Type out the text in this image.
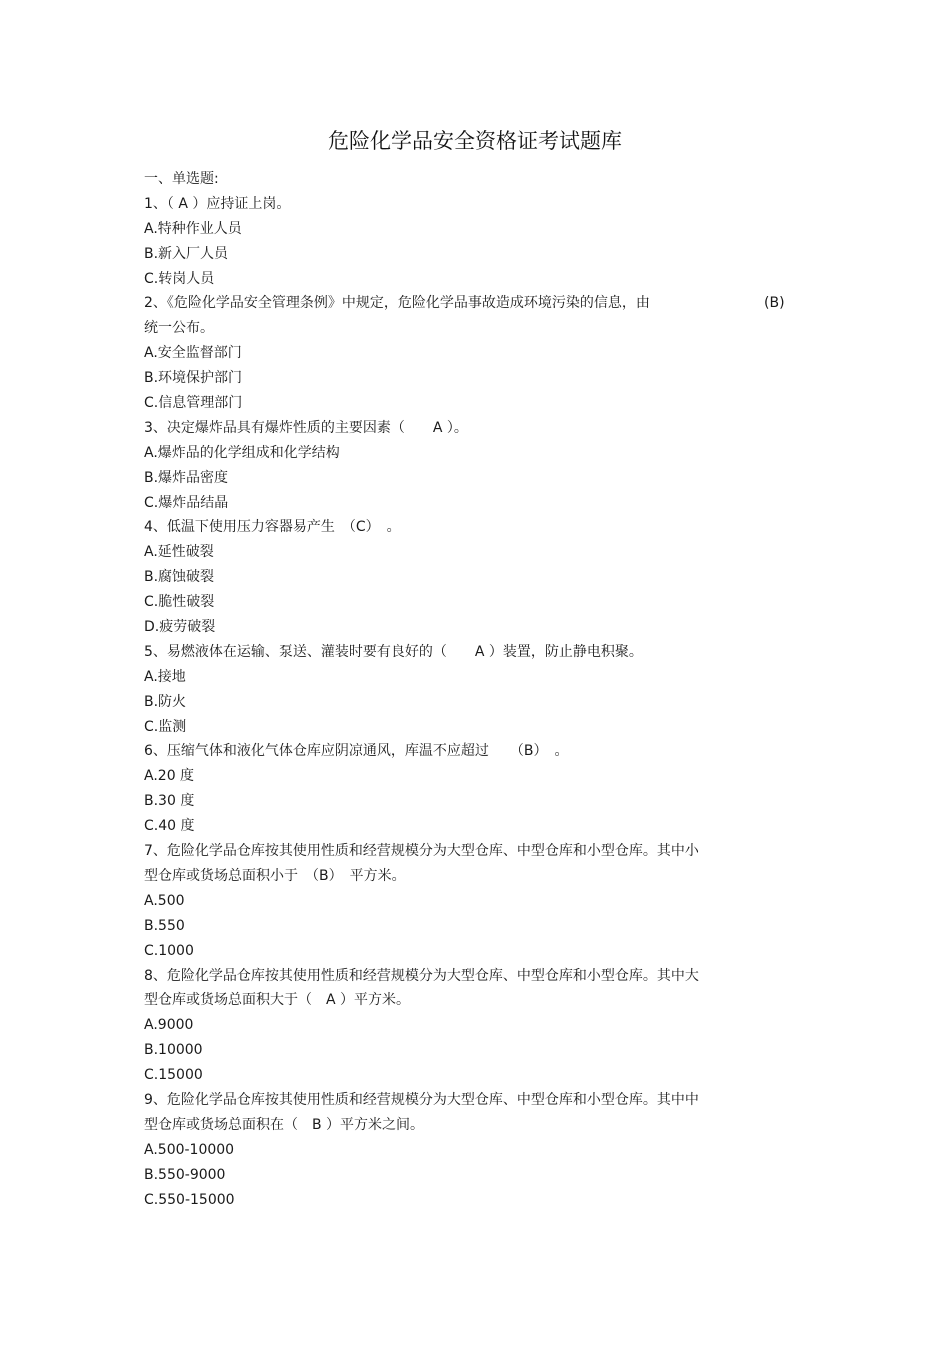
危险化学品安全资格证考试题库
一、单选题:
1、（ A ）应持证上岗。
A.特种作业人员
B.新入厂人员
C.转岗人员
2、《危险化学品安全管理条例》中规定，危险化学品事故造成环境污染的信息，由	(B)
统一公布。
A.安全监督部门
B.环境保护部门
C.信息管理部门
3、决定爆炸品具有爆炸性质的主要因素（　　A ）。
A.爆炸品的化学组成和化学结构
B.爆炸品密度
C.爆炸品结晶
4、低温下使用压力容器易产生　（C）　。
A.延性破裂
B.腐蚀破裂
C.脆性破裂
D.疲劳破裂
5、易燃液体在运输、泵送、灌装时要有良好的（　　A ）装置，防止静电积聚。
A.接地
B.防火
C.监测
6、压缩气体和液化气体仓库应阴凉通风，库温不应超过　　（B）　。
A.20 度
B.30 度
C.40 度
7、危险化学品仓库按其使用性质和经营规模分为大型仓库、中型仓库和小型仓库。其中小
型仓库或货场总面积小于　（B）　平方米。
A.500
B.550
C.1000
8、危险化学品仓库按其使用性质和经营规模分为大型仓库、中型仓库和小型仓库。其中大
型仓库或货场总面积大于（　A ）平方米。
A.9000
B.10000
C.15000
9、危险化学品仓库按其使用性质和经营规模分为大型仓库、中型仓库和小型仓库。其中中
型仓库或货场总面积在（　B ）平方米之间。
A.500-10000
B.550-9000
C.550-15000
